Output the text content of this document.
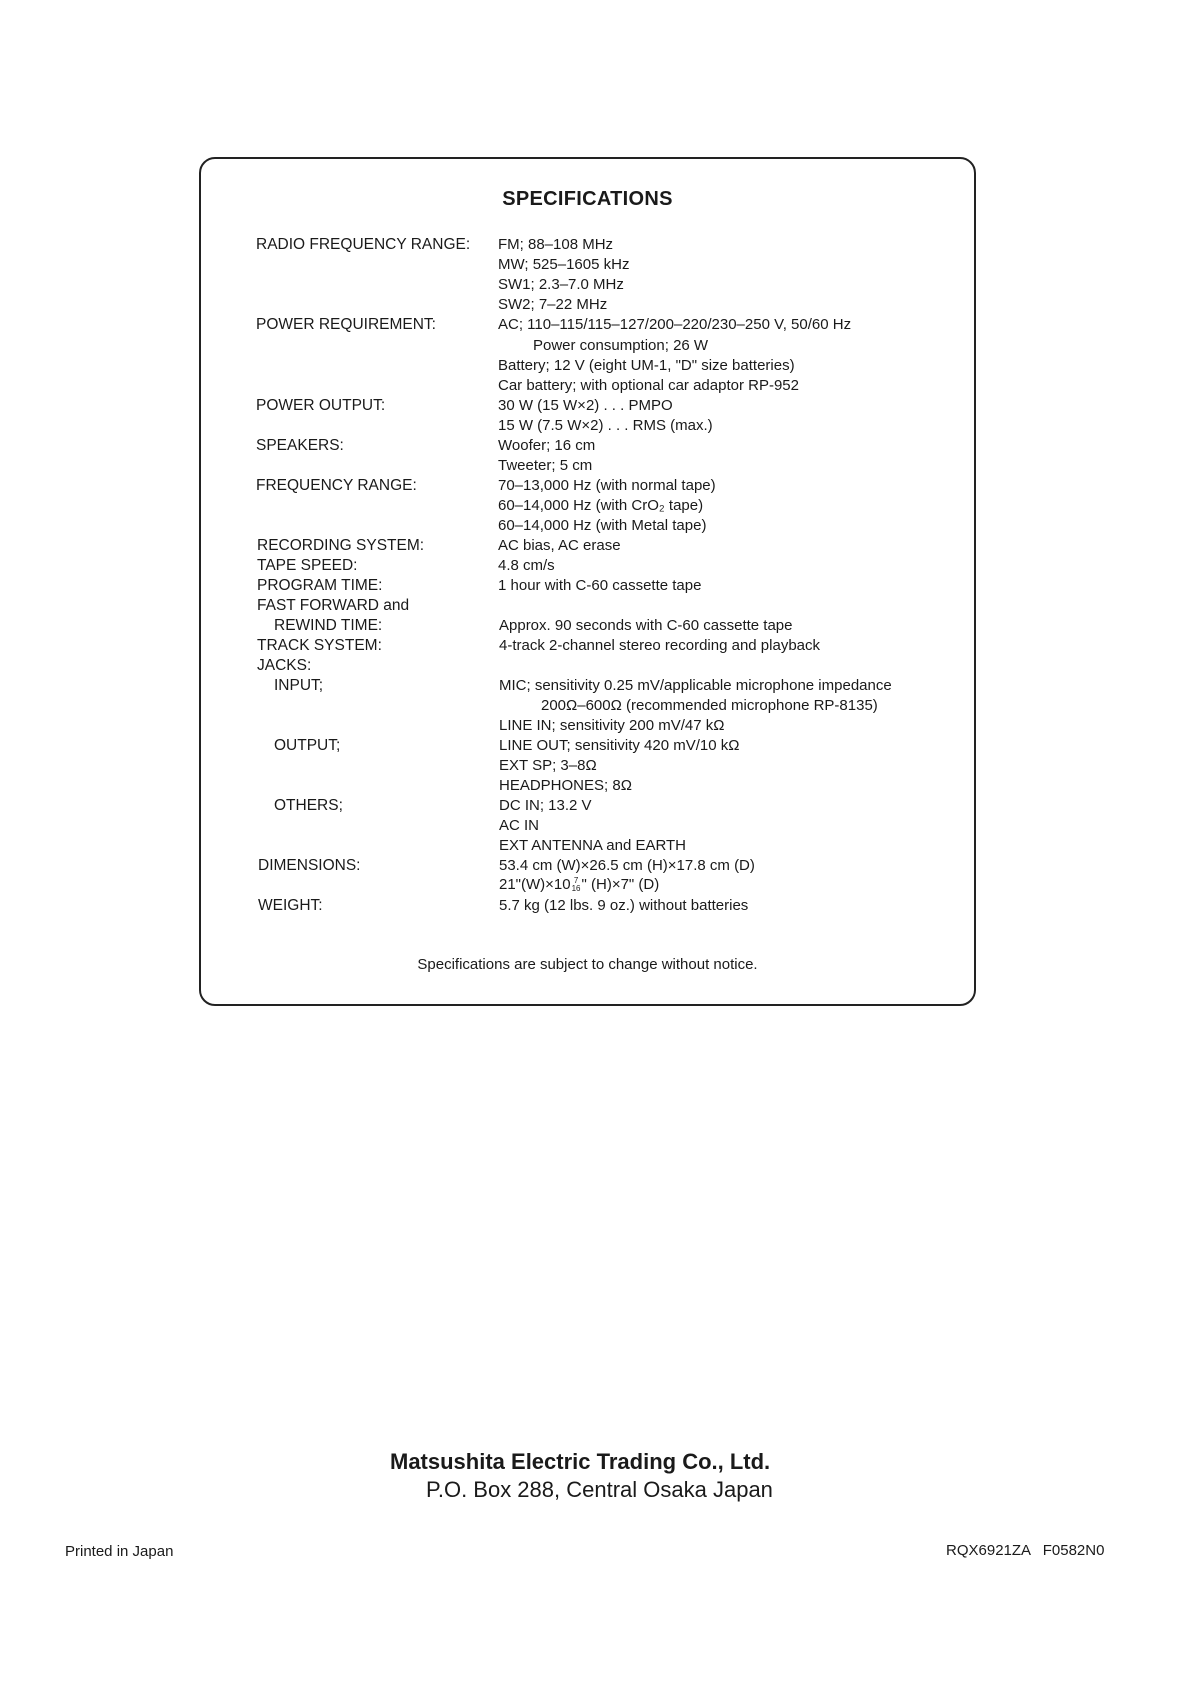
SPECIFICATIONS
RADIO FREQUENCY RANGE: FM; 88–108 MHz
MW; 525–1605 kHz
SW1; 2.3–7.0 MHz
SW2; 7–22 MHz
POWER REQUIREMENT:	AC; 110–115/115–127/200–220/230–250 V, 50/60 Hz
Power consumption; 26 W
Battery; 12 V (eight UM-1, "D" size batteries)
Car battery; with optional car adaptor RP-952
POWER OUTPUT:	30 W (15 W×2) . . . PMPO
15 W (7.5 W×2) . . . RMS (max.)
SPEAKERS:	Woofer; 16 cm
Tweeter; 5 cm
FREQUENCY RANGE:	70–13,000 Hz (with normal tape)
60–14,000 Hz (with CrO₂ tape)
60–14,000 Hz (with Metal tape)
RECORDING SYSTEM:	AC bias, AC erase
TAPE SPEED:	4.8 cm/s
PROGRAM TIME:	1 hour with C-60 cassette tape
FAST FORWARD and
REWIND TIME:	Approx. 90 seconds with C-60 cassette tape
TRACK SYSTEM:	4-track 2-channel stereo recording and playback
JACKS:
INPUT;	MIC; sensitivity 0.25 mV/applicable microphone impedance
200Ω–600Ω (recommended microphone RP-8135)
LINE IN; sensitivity 200 mV/47 kΩ
OUTPUT;	LINE OUT; sensitivity 420 mV/10 kΩ
EXT SP; 3–8Ω
HEADPHONES; 8Ω
OTHERS;	DC IN; 13.2 V
AC IN
EXT ANTENNA and EARTH
DIMENSIONS:	53.4 cm (W)×26.5 cm (H)×17.8 cm (D)
21"(W)×10 7
16 " (H)×7" (D)
WEIGHT:	5.7 kg (12 lbs. 9 oz.) without batteries
Specifications are subject to change without notice.
Matsushita Electric Trading Co., Ltd.
P.O. Box 288, Central Osaka Japan
Printed in Japan	RQX6921ZA   F0582N0
